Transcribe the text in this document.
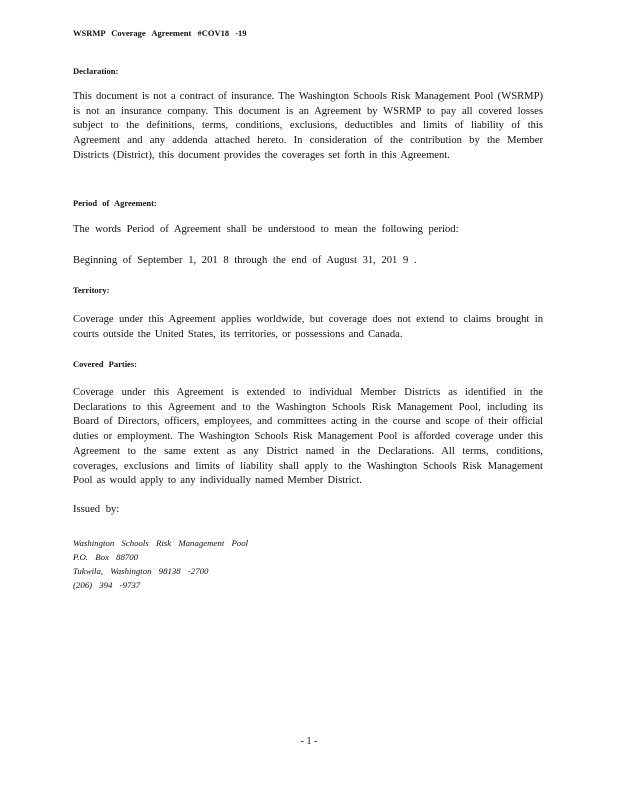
WSRMP Coverage Agreement #COV18 -19
Declaration:
This document is not a contract of insurance. The Washington Schools Risk Management Pool (WSRMP) is not an insurance company. This document is an Agreement by WSRMP to pay all covered losses subject to the definitions, terms, conditions, exclusions, deductibles and limits of liability of this Agreement and any addenda attached hereto. In consideration of the contribution by the Member Districts (District), this document provides the coverages set forth in this Agreement.
Period of Agreement:
The words Period of Agreement shall be understood to mean the following period:
Beginning of September 1, 201 8 through the end of August 31, 201 9 .
Territory:
Coverage under this Agreement applies worldwide, but coverage does not extend to claims brought in courts outside the United States, its territories, or possessions and Canada.
Covered Parties:
Coverage under this Agreement is extended to individual Member Districts as identified in the Declarations to this Agreement and to the Washington Schools Risk Management Pool, including its Board of Directors, officers, employees, and committees acting in the course and scope of their official duties or employment. The Washington Schools Risk Management Pool is afforded coverage under this Agreement to the same extent as any District named in the Declarations. All terms, conditions, coverages, exclusions and limits of liability shall apply to the Washington Schools Risk Management Pool as would apply to any individually named Member District.
Issued by:
Washington Schools Risk Management Pool
P.O. Box 88700
Tukwila, Washington 98138 -2700
(206) 394 -9737
- 1 -
